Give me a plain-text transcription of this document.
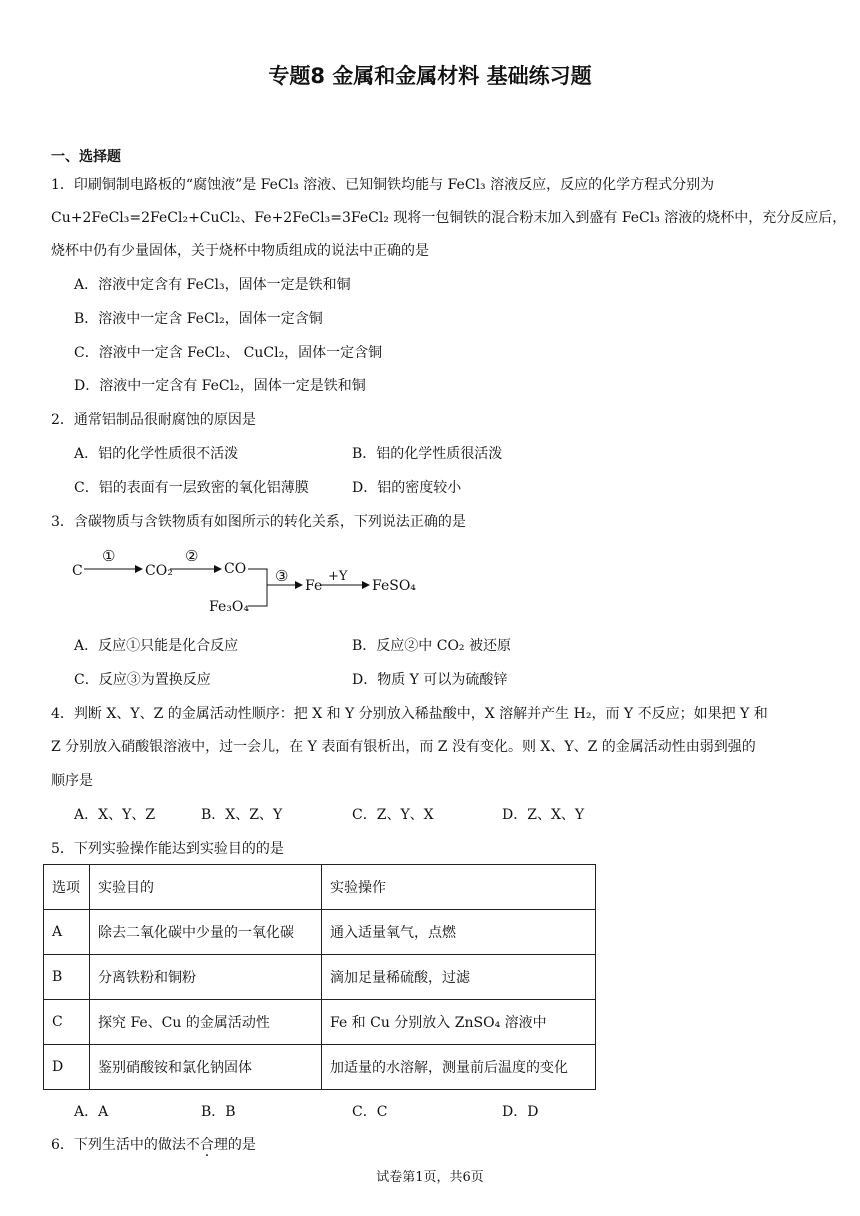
专题8 金属和金属材料 基础练习题
一、选择题
1．印刷铜制电路板的“腐蚀液”是 FeCl₃ 溶液、已知铜铁均能与 FeCl₃ 溶液反应，反应的化学方程式分别为
Cu+2FeCl₃=2FeCl₂+CuCl₂、Fe+2FeCl₃=3FeCl₂ 现将一包铜铁的混合粉末加入到盛有 FeCl₃ 溶液的烧杯中，充分反应后，
烧杯中仍有少量固体，关于烧杯中物质组成的说法中正确的是
A．溶液中定含有 FeCl₃，固体一定是铁和铜
B．溶液中一定含 FeCl₂，固体一定含铜
C．溶液中一定含 FeCl₂、 CuCl₂，固体一定含铜
D．溶液中一定含有 FeCl₂，固体一定是铁和铜
2．通常铝制品很耐腐蚀的原因是
A．铝的化学性质很不活泼	B．铝的化学性质很活泼
C．铝的表面有一层致密的氧化铝薄膜	D．铝的密度较小
3．含碳物质与含铁物质有如图所示的转化关系，下列说法正确的是
C	CO₂	CO
Fe₃O₄
Fe	FeSO₄
①	②
③	+Y
A．反应①只能是化合反应	B．反应②中 CO₂ 被还原
C．反应③为置换反应	D．物质 Y 可以为硫酸锌
4．判断 X、Y、Z 的金属活动性顺序：把 X 和 Y 分别放入稀盐酸中，X 溶解并产生 H₂，而 Y 不反应；如果把 Y 和
Z 分别放入硝酸银溶液中，过一会儿，在 Y 表面有银析出，而 Z 没有变化。则 X、Y、Z 的金属活动性由弱到强的
顺序是
A．X、Y、Z	B．X、Z、Y	C．Z、Y、X	D．Z、X、Y
5．下列实验操作能达到实验目的的是
选项	实验目的	实验操作
A	除去二氧化碳中少量的一氧化碳	通入适量氧气，点燃
B	分离铁粉和铜粉	滴加足量稀硫酸，过滤
C	探究 Fe、Cu 的金属活动性	Fe 和 Cu 分别放入 ZnSO₄ 溶液中
D	鉴别硝酸铵和氯化钠固体	加适量的水溶解，测量前后温度的变化
A．A	B．B	C．C	D．D
6．下列生活中的做法不合理的是
试卷第1页，共6页
